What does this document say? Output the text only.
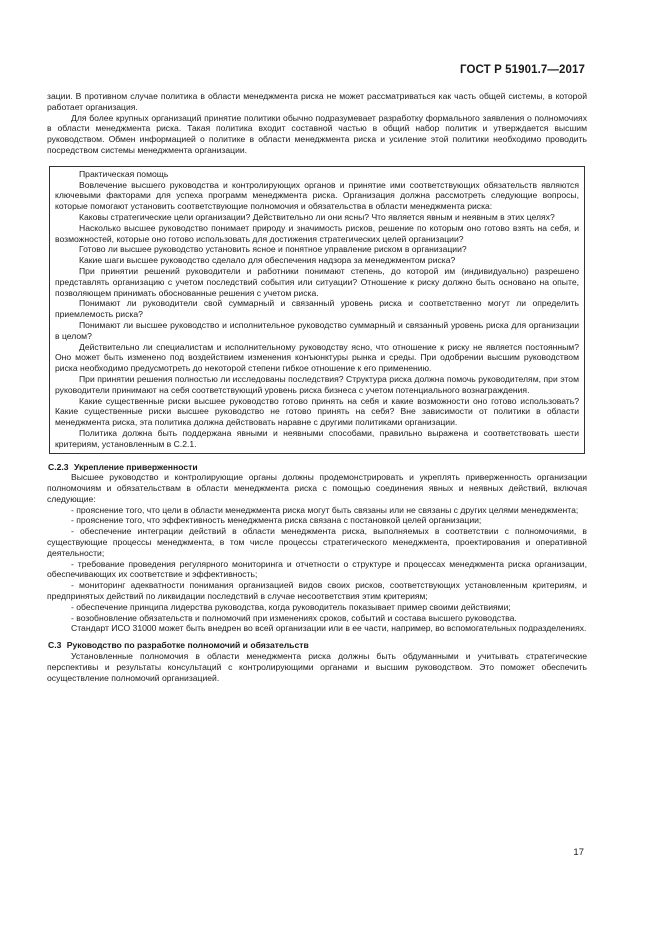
ГОСТ Р 51901.7—2017

зации. В противном случае политика в области менеджмента риска не может рассматриваться как часть общей системы, в которой работает организация.

Для более крупных организаций принятие политики обычно подразумевает разработку формального заявления о полномочиях в области менеджмента риска. Такая политика входит составной частью в общий набор политик и утверждается высшим руководством. Обмен информацией о политике в области менеджмента риска и усиление этой политики необходимо проводить посредством системы менеджмента организации.

Практическая помощь

Вовлечение высшего руководства и контролирующих органов и принятие ими соответствующих обязательств являются ключевыми факторами для успеха программ менеджмента риска. Организация должна рассмотреть следующие вопросы, которые помогают установить соответствующие полномочия и обязательства в области менеджмента риска:

Каковы стратегические цели организации? Действительно ли они ясны? Что является явным и неявным в этих целях?

Насколько высшее руководство понимает природу и значимость рисков, решение по которым оно готово взять на себя, и возможностей, которые оно готово использовать для достижения стратегических целей организации?

Готово ли высшее руководство установить ясное и понятное управление риском в организации?

Какие шаги высшее руководство сделало для обеспечения надзора за менеджментом риска?

При принятии решений руководители и работники понимают степень, до которой им (индивидуально) разрешено представлять организацию с учетом последствий события или ситуации? Отношение к риску должно быть основано на опыте, позволяющем принимать обоснованные решения с учетом риска.

Понимают ли руководители свой суммарный и связанный уровень риска и соответственно могут ли определить приемлемость риска?

Понимают ли высшее руководство и исполнительное руководство суммарный и связанный уровень риска для организации в целом?

Действительно ли специалистам и исполнительному руководству ясно, что отношение к риску не является постоянным? Оно может быть изменено под воздействием изменения конъюнктуры рынка и среды. При одобрении высшим руководством риска необходимо предусмотреть до некоторой степени гибкое отношение к его применению.

При принятии решения полностью ли исследованы последствия? Структура риска должна помочь руководителям, при этом руководители принимают на себя соответствующий уровень риска бизнеса с учетом потенциального вознаграждения.

Какие существенные риски высшее руководство готово принять на себя и какие возможности оно готово использовать? Какие существенные риски высшее руководство не готово принять на себя? Вне зависимости от политики в области менеджмента риска, эта политика должна действовать наравне с другими политиками организации.

Политика должна быть поддержана явными и неявными способами, правильно выражена и соответствовать шести критериям, установленным в С.2.1.

С.2.3 Укрепление приверженности

Высшее руководство и контролирующие органы должны продемонстрировать и укреплять приверженность организации полномочиям и обязательствам в области менеджмента риска с помощью соединения явных и неявных действий, включая следующие:

- прояснение того, что цели в области менеджмента риска могут быть связаны или не связаны с других целями менеджмента;

- прояснение того, что эффективность менеджмента риска связана с постановкой целей организации;

- обеспечение интеграции действий в области менеджмента риска, выполняемых в соответствии с полномочиями, в существующие процессы менеджмента, в том числе процессы стратегического менеджмента, проектирования и оперативной деятельности;

- требование проведения регулярного мониторинга и отчетности о структуре и процессах менеджмента риска организации, обеспечивающих их соответствие и эффективность;

- мониторинг адекватности понимания организацией видов своих рисков, соответствующих установленным критериям, и предпринятых действий по ликвидации последствий в случае несоответствия этим критериям;

- обеспечение принципа лидерства руководства, когда руководитель показывает пример своими действиями;

- возобновление обязательств и полномочий при изменениях сроков, событий и состава высшего руководства.

Стандарт ИСО 31000 может быть внедрен во всей организации или в ее части, например, во вспомогательных подразделениях.

С.3 Руководство по разработке полномочий и обязательств

Установленные полномочия в области менеджмента риска должны быть обдуманными и учитывать стратегические перспективы и результаты консультаций с контролирующими органами и высшим руководством. Это поможет обеспечить осуществление полномочий организацией.

17
